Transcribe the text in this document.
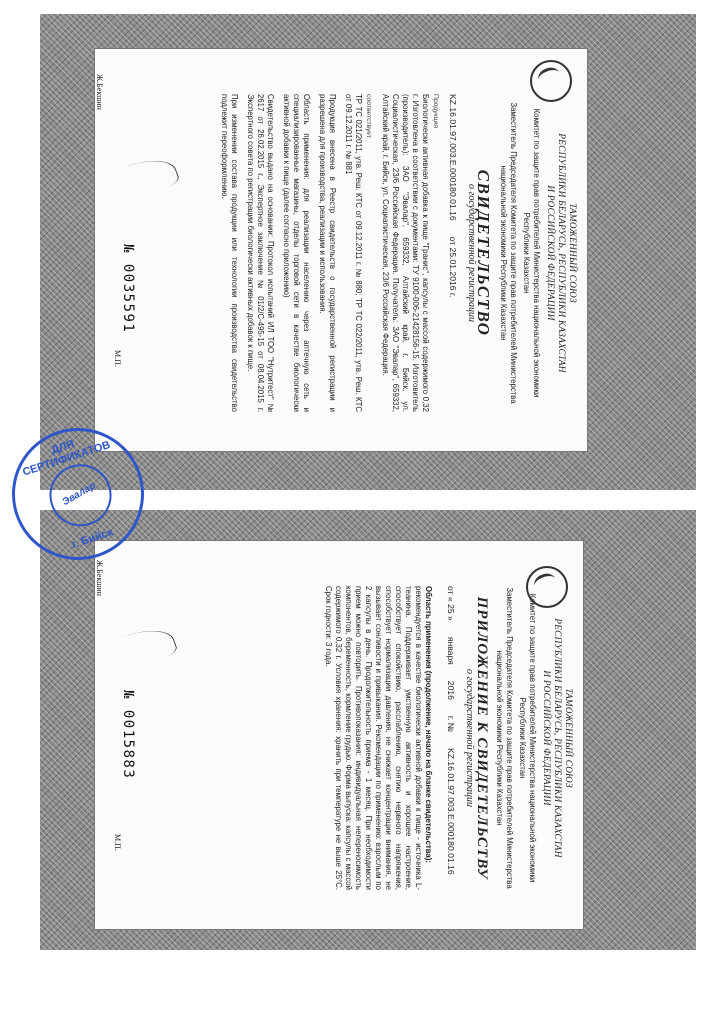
ТАМОЖЕННЫЙ СОЮЗ
РЕСПУБЛИКИ БЕЛАРУСЬ, РЕСПУБЛИКИ КАЗАХСТАН
И РОССИЙСКОЙ ФЕДЕРАЦИИ
Комитет по защите прав потребителей Министерства национальной экономики Республики Казахстан
Заместитель Председателя Комитета по защите прав потребителей Министерства национальной экономики Республики Казахстан
СВИДЕТЕЛЬСТВО
о государственной регистрации
KZ.16.01.97.003.Е.000180.01.16
от 25.01.2016 г.
Продукция
Биологически активная добавка к пище "Гранис", капсулы с массой содержимого 0,32 г. Изготовлена в соответствии с документами: ТУ 9100-006-21428156-15. Изготовитель (производитель): ЗАО "Эвалар", 659332, Алтайский край, г. Бийск, ул. Социалистическая, 23/6 Российская Федерация. Получатель: ЗАО "Эвалар", 659332, Алтайский край, г. Бийск, ул. Социалистическая, 23/6 Российская Федерация.
соответствует
ТР ТС 021/2011, утв. Реш. КТС от 09.12.2011 г. № 880; ТР ТС 022/2011, утв. Реш. КТС от 09.12.2011 г. № 881
Продукция внесена в Реестр свидетельств о государственной регистрации и разрешена для производства, реализации и использования.
Область применения: для реализации населению через аптечную сеть и специализированные магазины, отделы торговой сети в качестве биологически активной добавки к пище (далее согласно приложению)
Свидетельство выдано на основании: Протокол испытаний ИЛ ТОО "Нутритест" № 2617 от 26.02.2015 г., Экспертное заключение № 01/2/С-495-15 от 08.04.2015 г. Экспертного совета по регистрации биологически активных добавок к пище.
При изменении состава продукции или технологии производства свидетельство подлежит переоформлению.
Ж.Бекшин
М.П.
№ 0035591
ТАМОЖЕННЫЙ СОЮЗ
РЕСПУБЛИКИ БЕЛАРУСЬ, РЕСПУБЛИКИ КАЗАХСТАН
И РОССИЙСКОЙ ФЕДЕРАЦИИ
Комитет по защите прав потребителей Министерства национальной экономики Республики Казахстан
Заместитель Председателя Комитета по защите прав потребителей Министерства национальной экономики Республики Казахстан
ПРИЛОЖЕНИЕ К СВИДЕТЕЛЬСТВУ
о государственной регистрации
от « 25 »
января
2016
г. №
KZ.16.01.97.003.Е.000180.01.16
Область применения (продолжение, начало на бланке свидетельства):
рекомендуется в качестве биологически активной добавки к пище - источника L-теанина. Поддерживает умственную активность и хорошее настроение, способствует спокойствию, расслаблению, снятию нервного напряжения, способствует нормализации давления, не снижает концентрации внимания, не вызывает сонливости и привыкания. Рекомендации по применению: взрослым по 2 капсулы в день. Продолжительность приема - 1 месяц. При необходимости прием можно повторить. Противопоказания: индивидуальная непереносимость компонентов, беременность, кормление грудью. Форма выпуска: капсулы с массой содержимого 0,32 г. Условия хранения: хранить при температуре не выше 25°С. Срок годности: 3 года.
Ж.Бекшин
М.П.
№ 0015883
ДЛЯ СЕРТИФИКАТОВ
Эвалар
г. Бийск
